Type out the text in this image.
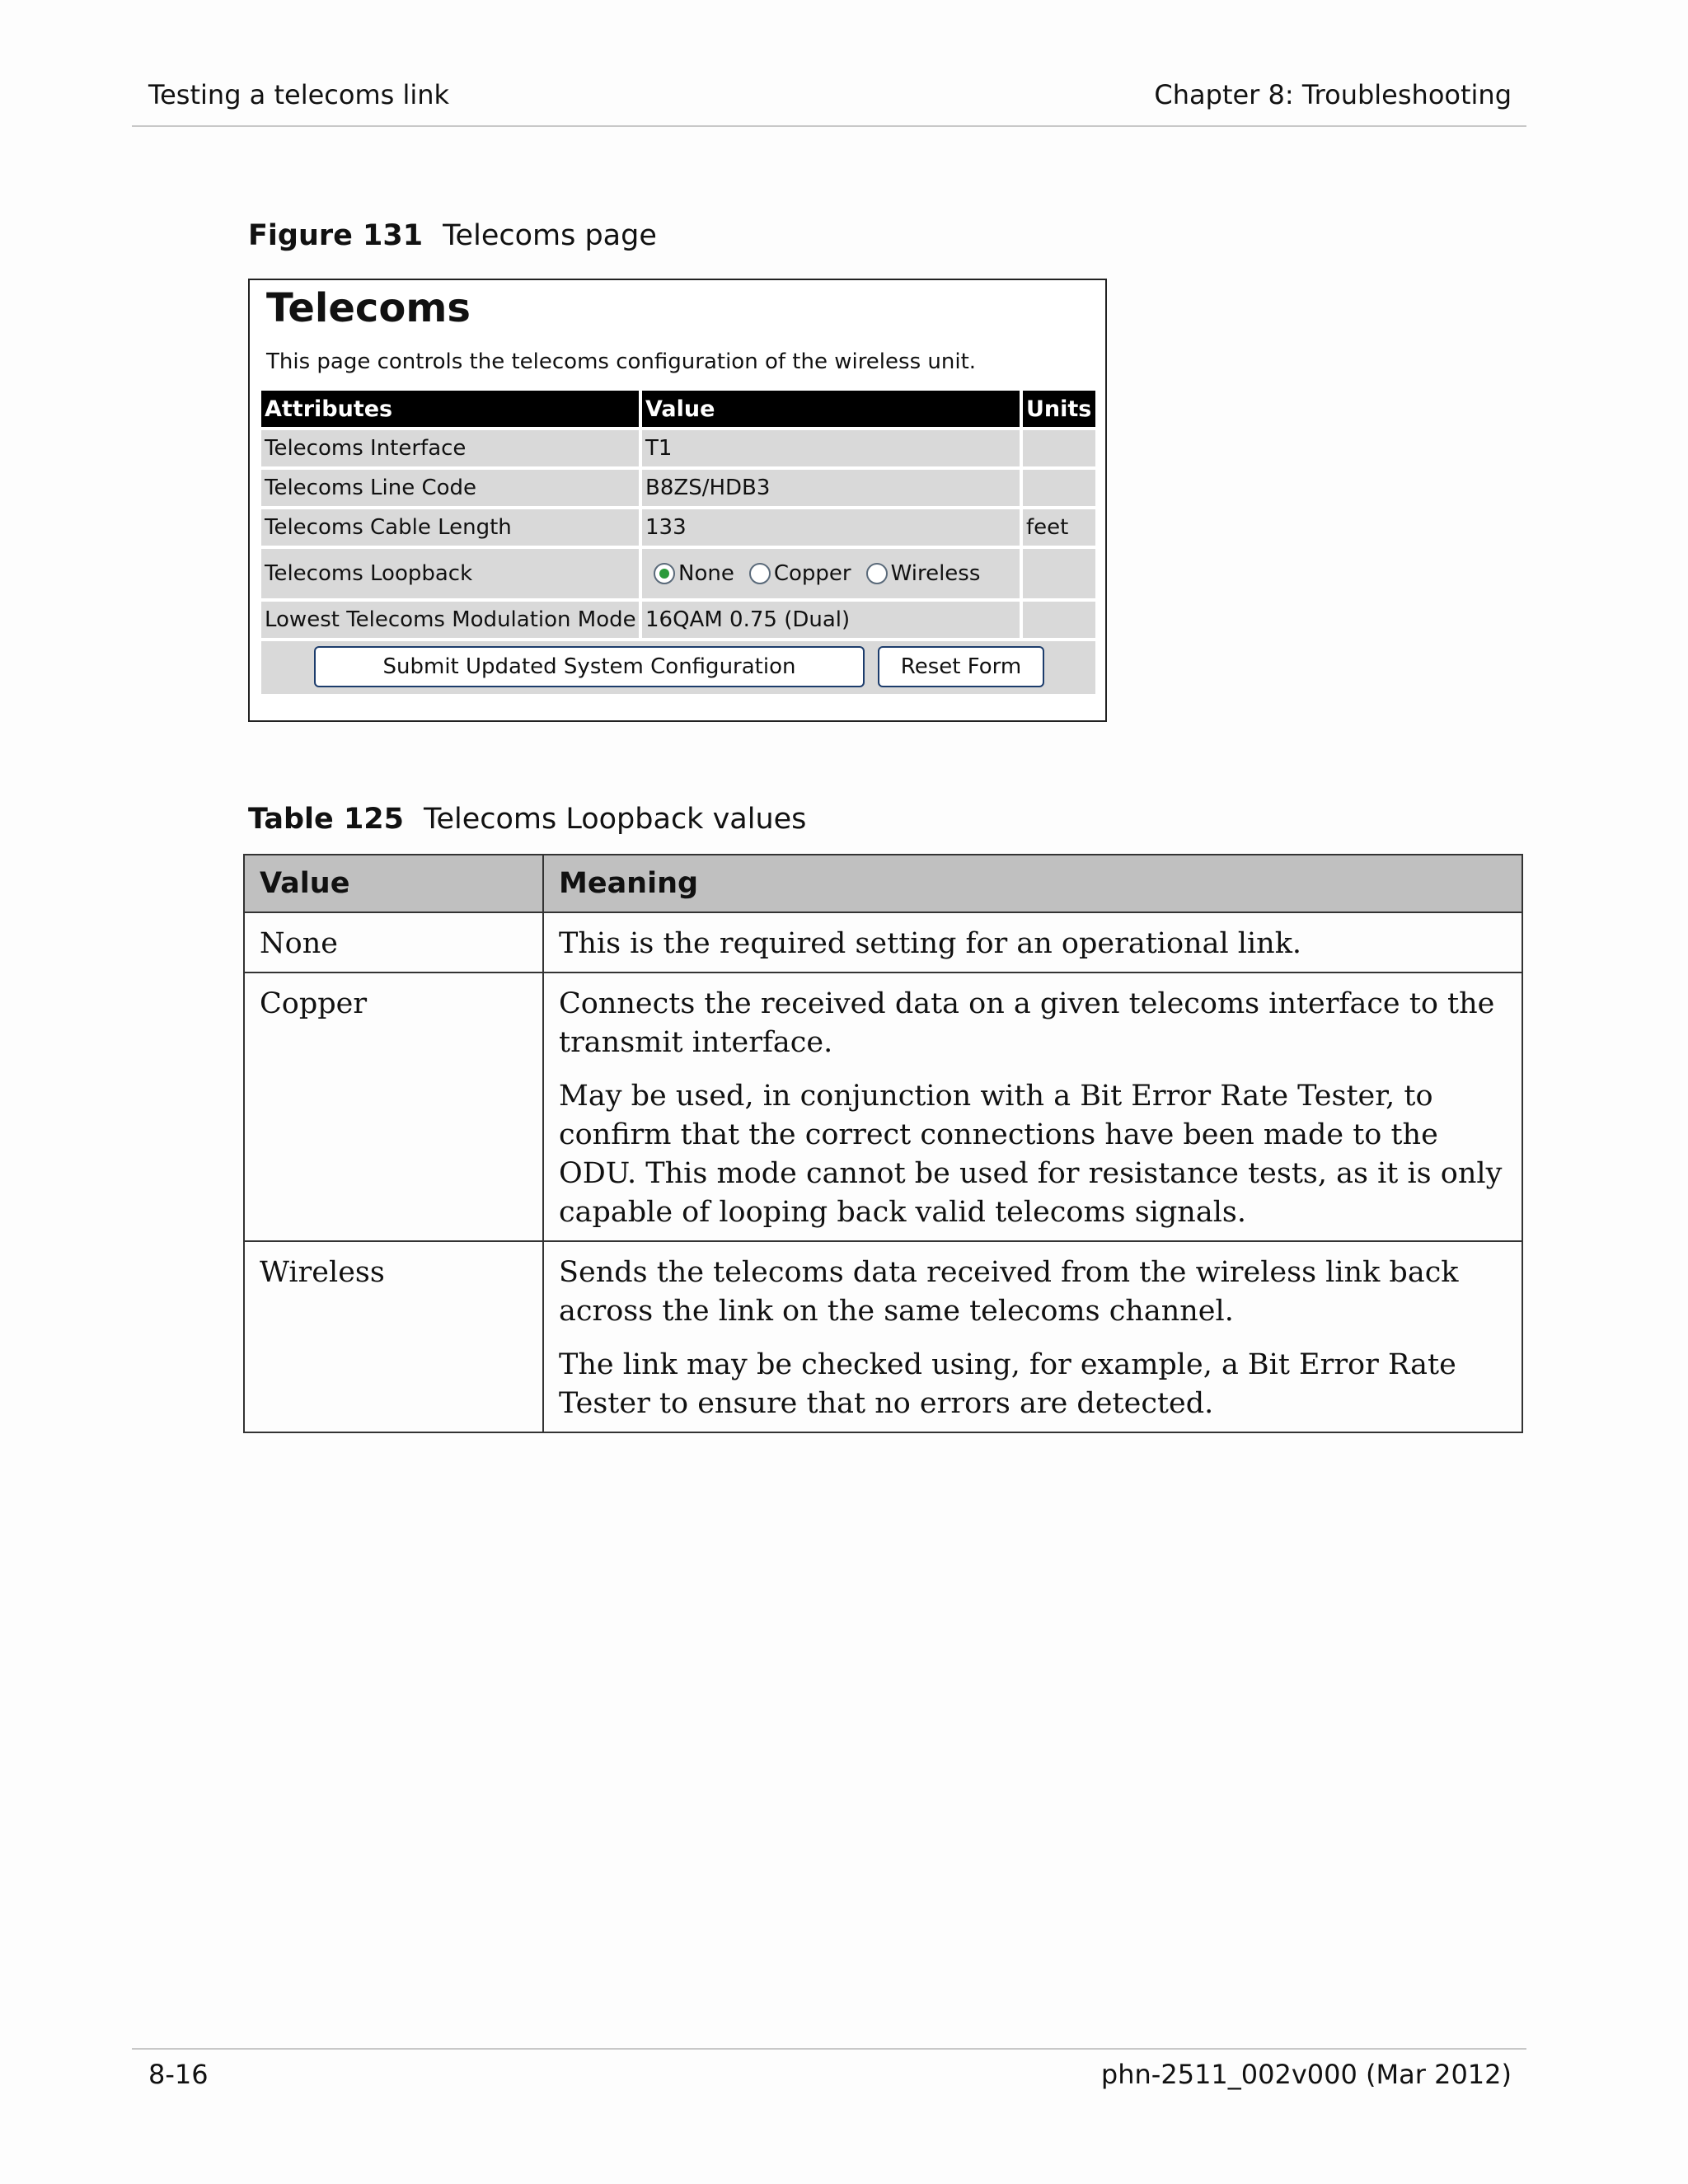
Testing a telecoms link	Chapter 8: Troubleshooting
Figure 131 Telecoms page
Telecoms
This page controls the telecoms configuration of the wireless unit.
Attributes	Value	Units
Telecoms Interface	T1
Telecoms Line Code	B8ZS/HDB3
Telecoms Cable Length	133	feet
Telecoms Loopback	None Copper Wireless
Lowest Telecoms Modulation Mode 16QAM 0.75 (Dual)
Submit Updated System Configuration	Reset Form
Table 125 Telecoms Loopback values
Value	Meaning
None	This is the required setting for an operational link.

Copper	Connects the received data on a given telecoms interface to the transmit interface.

May be used, in conjunction with a Bit Error Rate Tester, to confirm that the correct connections have been made to the ODU. This mode cannot be used for resistance tests, as it is only capable of looping back valid telecoms signals.

Wireless	Sends the telecoms data received from the wireless link back across the link on the same telecoms channel.

The link may be checked using, for example, a Bit Error Rate Tester to ensure that no errors are detected.

8-16	phn-2511_002v000 (Mar 2012)
